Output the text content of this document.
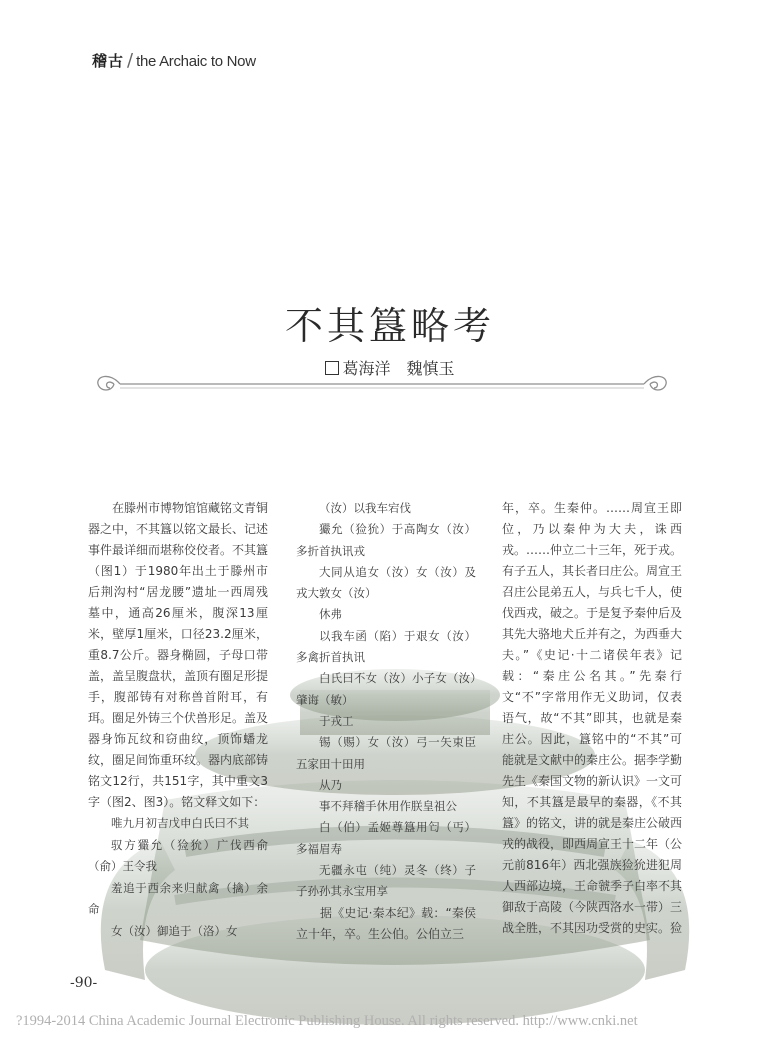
稽古 / the Archaic to Now
不其簋略考
葛海洋　魏慎玉

在滕州市博物馆馆藏铭文青铜器之中，不其簋以铭文最长、记述事件最详细而堪称佼佼者。不其簋（图1）于1980年出土于滕州市后荆沟村“居龙腰”遗址一西周残墓中，通高26厘米，腹深13厘米，壁厚1厘米，口径23.2厘米，重8.7公斤。器身椭圆，子母口带盖，盖呈腹盘状，盖顶有圈足形提手，腹部铸有对称兽首附耳，有珥。圈足外铸三个伏兽形足。盖及器身饰瓦纹和窃曲纹，顶饰蟠龙纹，圈足间饰重环纹。器内底部铸铭文12行，共151字，其中重文3字（图2、图3）。铭文释文如下：

唯九月初吉戊申白氏曰不其

驭方玁允（猃狁）广伐西俞（俞）王令我

羞追于西余来归献禽（擒）余命

女（汝）御追于（洛）女

（汝）以我车宕伐

玁允（猃狁）于高陶女（汝）多折首执讯戎

大同从追女（汝）女（汝）及戎大敦女（汝）

休弗

以我车函（陷）于艰女（汝）多禽折首执讯

白氏曰不女（汝）小子女（汝）肇诲（敏）

于戎工

锡（赐）女（汝）弓一矢束臣五家田十田用

从乃

事不拜稽手休用作朕皇祖公

白（伯）孟姬尊簋用匄（丐）多福眉寿

无疆永屯（纯）灵冬（终）子子孙孙其永宝用享

据《史记·秦本纪》载：“秦侯立十年，卒。生公伯。公伯立三

年，卒。生秦仲。……周宣王即位，乃以秦仲为大夫，诛西戎。……仲立二十三年，死于戎。有子五人，其长者曰庄公。周宣王召庄公昆弟五人，与兵七千人，使伐西戎，破之。于是复予秦仲后及其先大骆地犬丘并有之，为西垂大夫。”《史记·十二诸侯年表》记载：“秦庄公名其。”先秦行文“不”字常用作无义助词，仅表语气，故“不其”即其，也就是秦庄公。因此，簋铭中的“不其”可能就是文献中的秦庄公。据李学勤先生《秦国文物的新认识》一文可知，不其簋是最早的秦器，《不其簋》的铭文，讲的就是秦庄公破西戎的战役，即西周宣王十二年（公元前816年）西北强族猃狁进犯周人西部边境，王命虢季子白率不其御敌于高陵（今陕西洛水一带）三战全胜，不其因功受赏的史实。猃

-90-
?1994-2014 China Academic Journal Electronic Publishing House. All rights reserved. http://www.cnki.net
